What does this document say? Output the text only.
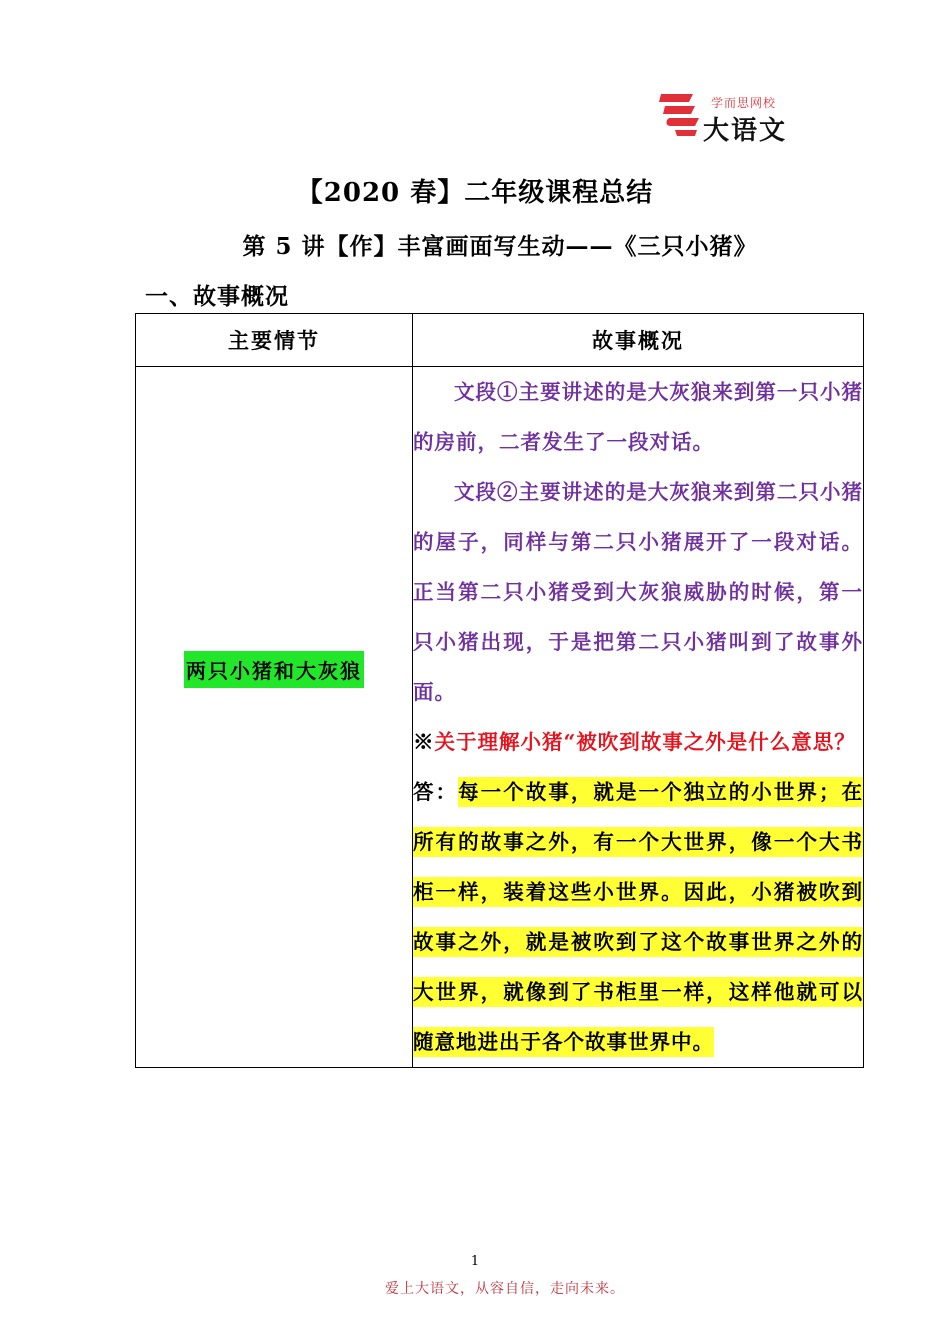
学而思网校
大语文
【2020 春】二年级课程总结
第 5 讲【作】丰富画面写生动——《三只小猪》
一、故事概况
主要情节	故事概况
两只小猪和大灰狼	文段①主要讲述的是大灰狼来到第一只小猪的房前，二者发生了一段对话。

文段②主要讲述的是大灰狼来到第二只小猪的屋子，同样与第二只小猪展开了一段对话。正当第二只小猪受到大灰狼威胁的时候，第一只小猪出现，于是把第二只小猪叫到了故事外面。

※关于理解小猪“被吹到故事之外是什么意思？

答：每一个故事，就是一个独立的小世界；在所有的故事之外，有一个大世界，像一个大书柜一样，装着这些小世界。因此，小猪被吹到故事之外，就是被吹到了这个故事世界之外的大世界，就像到了书柜里一样，这样他就可以随意地进出于各个故事世界中。

1
爱上大语文，从容自信，走向未来。
